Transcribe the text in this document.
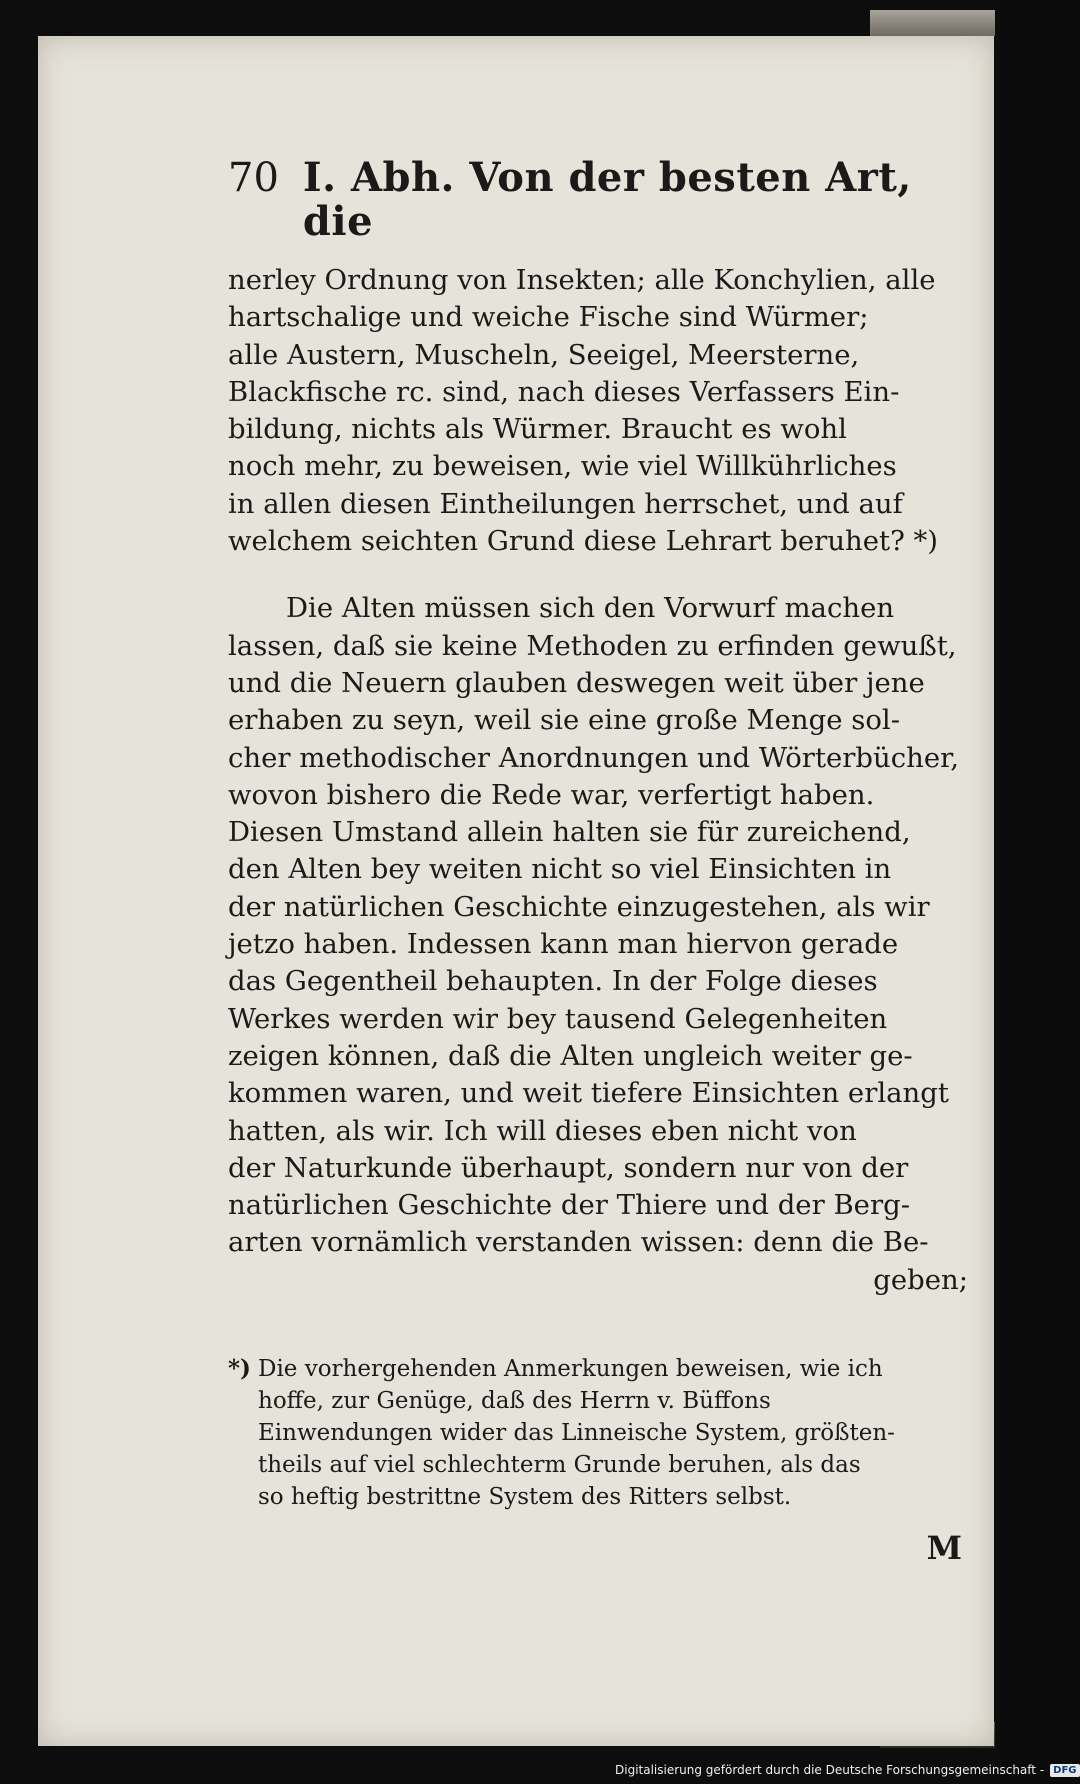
70 I. Abh. Von der besten Art, die

nerley Ordnung von Insekten; alle Konchylien, alle
hartschalige und weiche Fische sind Würmer;
alle Austern, Muscheln, Seeigel, Meersterne,
Blackfische rc. sind, nach dieses Verfassers Ein-
bildung, nichts als Würmer. Braucht es wohl
noch mehr, zu beweisen, wie viel Willkührliches
in allen diesen Eintheilungen herrschet, und auf
welchem seichten Grund diese Lehrart beruhet? *)

Die Alten müssen sich den Vorwurf machen
lassen, daß sie keine Methoden zu erfinden gewußt,
und die Neuern glauben deswegen weit über jene
erhaben zu seyn, weil sie eine große Menge sol-
cher methodischer Anordnungen und Wörterbücher,
wovon bishero die Rede war, verfertigt haben.
Diesen Umstand allein halten sie für zureichend,
den Alten bey weiten nicht so viel Einsichten in
der natürlichen Geschichte einzugestehen, als wir
jetzo haben. Indessen kann man hiervon gerade
das Gegentheil behaupten. In der Folge dieses
Werkes werden wir bey tausend Gelegenheiten
zeigen können, daß die Alten ungleich weiter ge-
kommen waren, und weit tiefere Einsichten erlangt
hatten, als wir. Ich will dieses eben nicht von
der Naturkunde überhaupt, sondern nur von der
natürlichen Geschichte der Thiere und der Berg-
arten vornämlich verstanden wissen: denn die Be-

geben;
*) Die vorhergehenden Anmerkungen beweisen, wie ich
hoffe, zur Genüge, daß des Herrn v. Büffons
Einwendungen wider das Linneische System, größten-
theils auf viel schlechterm Grunde beruhen, als das
so heftig bestrittne System des Ritters selbst.
M
Digitalisierung gefördert durch die Deutsche Forschungsgemeinschaft - DFG
